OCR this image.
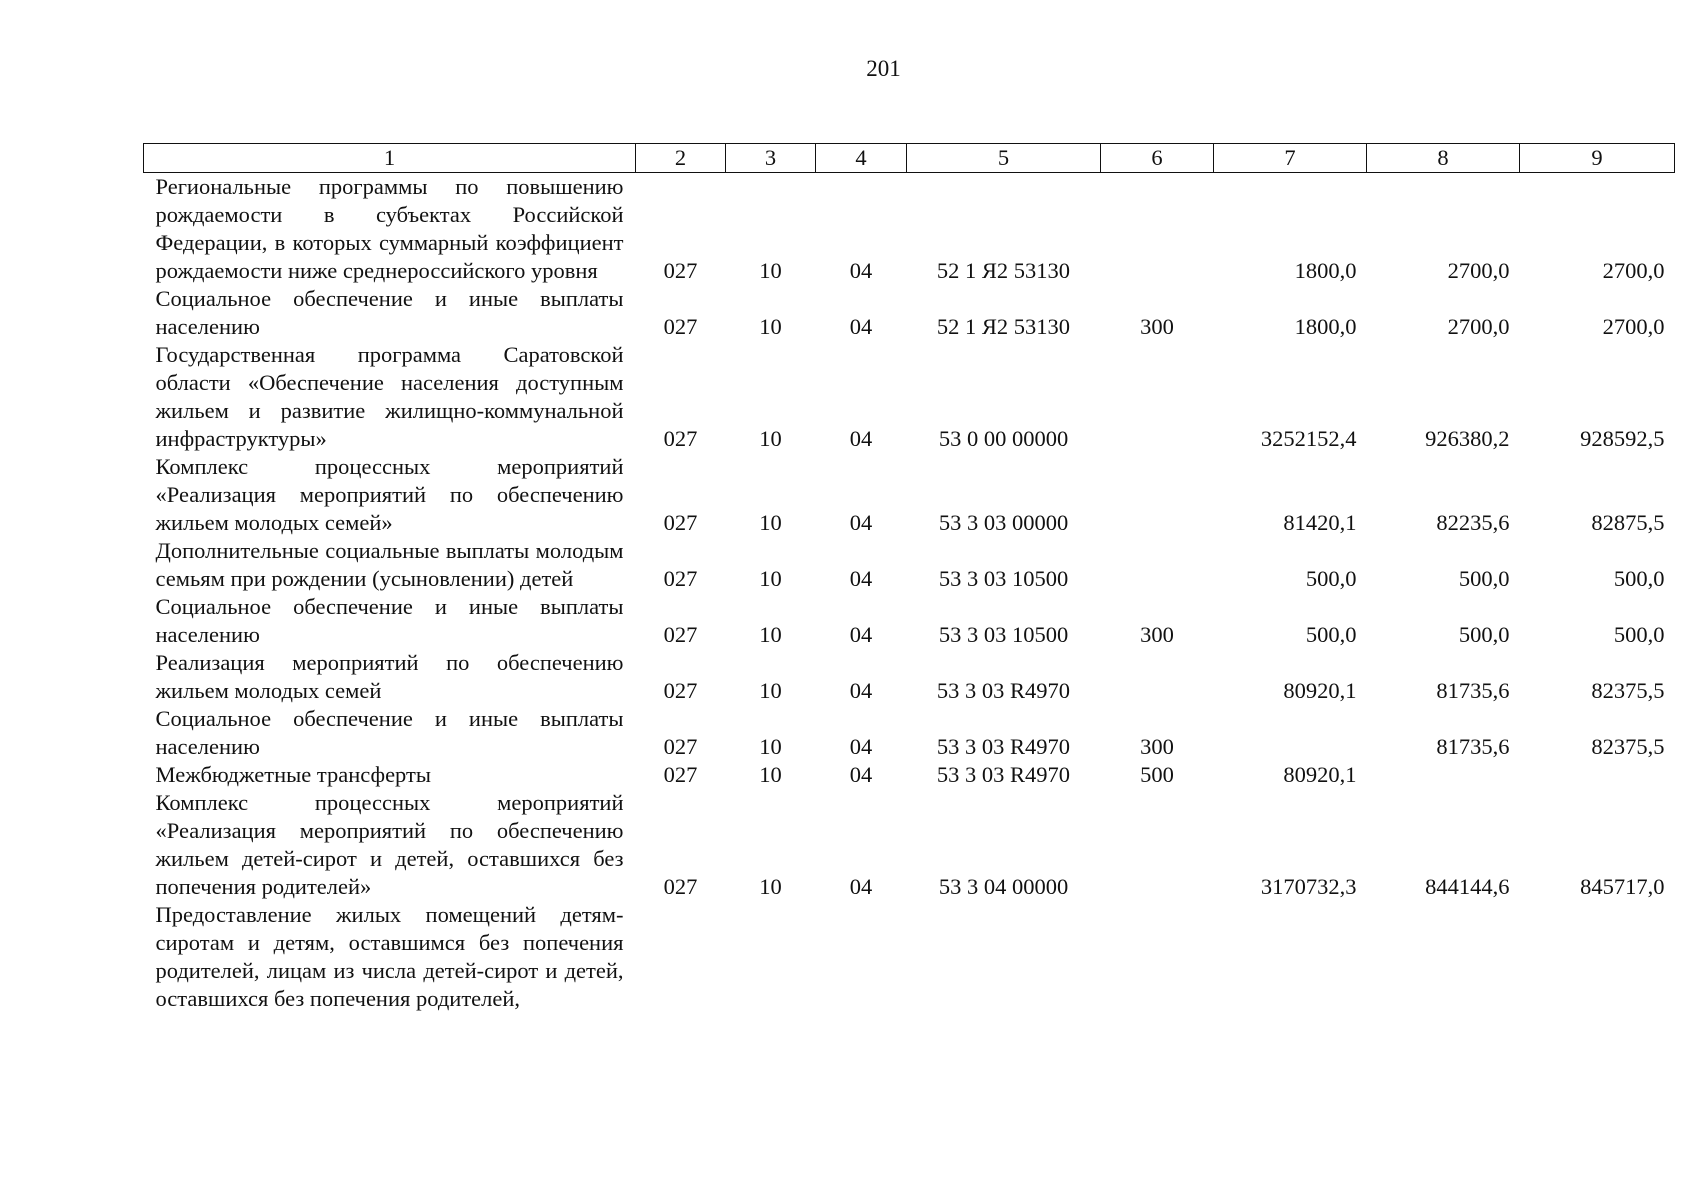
201
1	2	3	4	5	6	7	8	9
Региональные программы по повышению рождаемости в субъектах Российской Федерации, в которых суммарный коэффициент рождаемости ниже среднероссийского уровня	027	10	04	52 1 Я2 53130		1800,0	2700,0	2700,0
Социальное обеспечение и иные выплаты населению	027	10	04	52 1 Я2 53130	300	1800,0	2700,0	2700,0
Государственная программа Саратовской области «Обеспечение населения доступным жильем и развитие жилищно-коммунальной инфраструктуры»	027	10	04	53 0 00 00000		3252152,4	926380,2	928592,5
Комплекс процессных мероприятий «Реализация мероприятий по обеспечению жильем молодых семей»	027	10	04	53 3 03 00000		81420,1	82235,6	82875,5
Дополнительные социальные выплаты молодым семьям при рождении (усыновлении) детей	027	10	04	53 3 03 10500		500,0	500,0	500,0
Социальное обеспечение и иные выплаты населению	027	10	04	53 3 03 10500	300	500,0	500,0	500,0
Реализация мероприятий по обеспечению жильем молодых семей	027	10	04	53 3 03 R4970		80920,1	81735,6	82375,5
Социальное обеспечение и иные выплаты населению	027	10	04	53 3 03 R4970	300		81735,6	82375,5
Межбюджетные трансферты	027	10	04	53 3 03 R4970	500	80920,1		
Комплекс процессных мероприятий «Реализация мероприятий по обеспечению жильем детей-сирот и детей, оставшихся без попечения родителей»	027	10	04	53 3 04 00000		3170732,3	844144,6	845717,0
Предоставление жилых помещений детям-сиротам и детям, оставшимся без попечения родителей, лицам из числа детей-сирот и детей, оставшихся без попечения родителей,								
